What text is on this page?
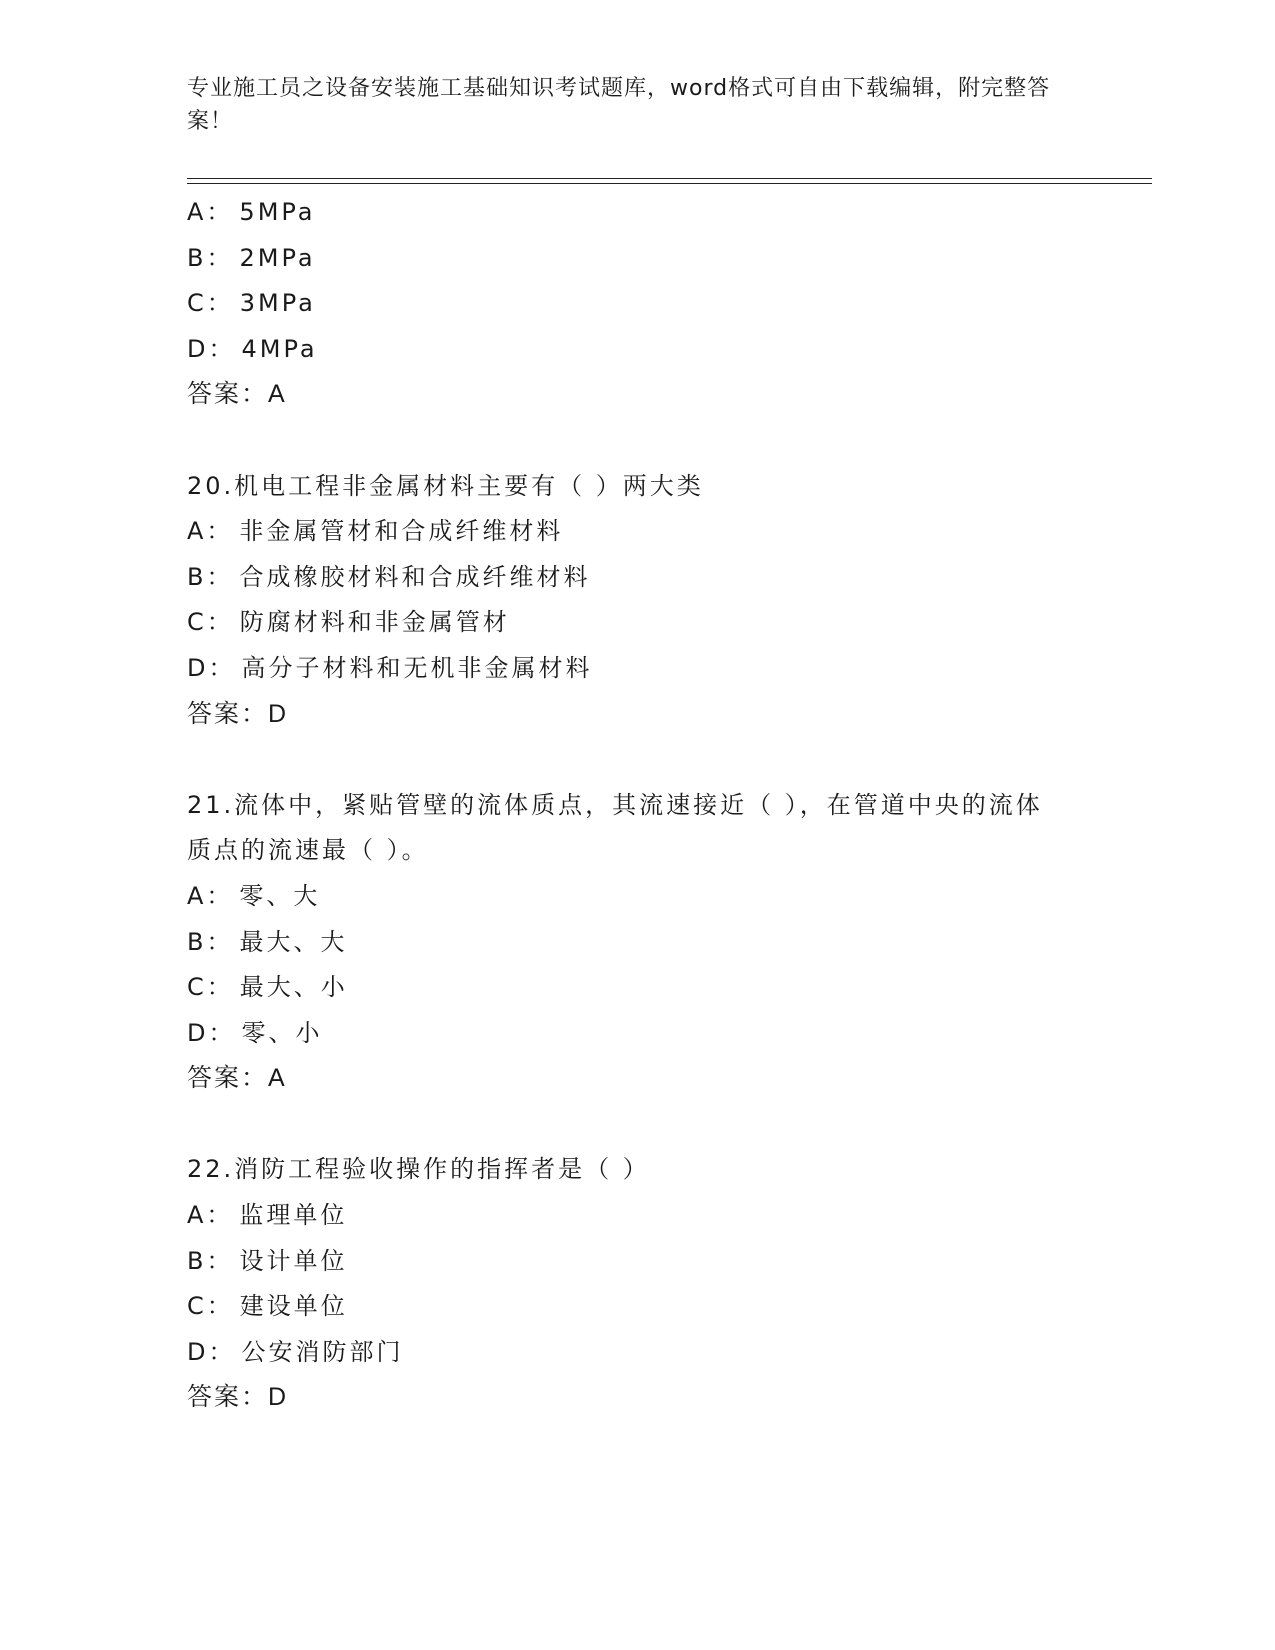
专业施工员之设备安装施工基础知识考试题库，word格式可自由下载编辑，附完整答案！
A： 5MPa
B： 2MPa
C： 3MPa
D： 4MPa
答案：A
20.机电工程非金属材料主要有（ ）两大类
A： 非金属管材和合成纤维材料
B： 合成橡胶材料和合成纤维材料
C： 防腐材料和非金属管材
D： 高分子材料和无机非金属材料
答案：D
21.流体中，紧贴管壁的流体质点，其流速接近（ ），在管道中央的流体质点的流速最（ ）。
A： 零、大
B： 最大、大
C： 最大、小
D： 零、小
答案：A
22.消防工程验收操作的指挥者是（ ）
A： 监理单位
B： 设计单位
C： 建设单位
D： 公安消防部门
答案：D
